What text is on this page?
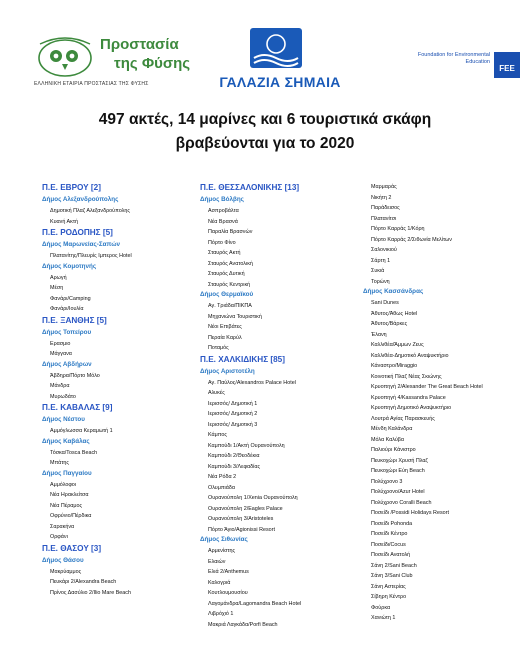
Προστασία
της Φύσης
ΕΛΛΗΝΙΚΗ ΕΤΑΙΡΙΑ ΠΡΟΣΤΑΣΙΑΣ ΤΗΣ ΦΥΣΗΣ	ΓΑΛΑΖΙΑ ΣΗΜΑΙΑ
Foundation for Environmental Education
FEE
497 ακτές, 14 μαρίνες και 6 τουριστικά σκάφη
βραβεύονται για το 2020
Π.Ε. ΕΒΡΟΥ [2]
Δήμος Αλεξανδρούπολης
Δημοτική Πλαζ Αλεξανδρούπολης
Κυανή Ακτή
Π.Ε. ΡΟΔΟΠΗΣ [5]
Δήμος Μαρωνείας-Σαπών
Πλατανίτης/Πλευρίς Ιμπερος Hotel
Δήμος Κομοτηνής
Αρωγή
Μέση
Φανάρι/Camping
Φανάρι/Ιουλία
Π.Ε. ΞΑΝΘΗΣ [5]
Δήμος Τοπείρου
Ερασμιο
Μάγγανα
Δήμος Αβδήρων
Άβδηρα/Πόρτο Μόλο
Μάνδρα
Μυρωδάτο
Π.Ε. ΚΑΒΑΛΑΣ [9]
Δήμος Νέστου
Αμμόγλωσσα Κεραμωτή 1
Δήμος Καβάλας
Τόσκα/Tosca Beach
Μπάτης
Δήμος Παγγαίου
Αμμόλοφοι
Νέα Ηρακλείτσα
Νέα Πέραμος
Οφρύνιο/Πέρδικα
Σαρακήνα
Ορφάνι
Π.Ε. ΘΑΣΟΥ [3]
Δήμος Θάσου
Μακρύαμμος
Πευκάρι 2/Alexandra Beach
Πρίνος Δασύλιο 2/Ilio Mare Beach
Π.Ε. ΘΕΣΣΑΛΟΝΙΚΗΣ [13]
Δήμος Βόλβης
Ασπροβάλτα
Νέα Βρασνά
Παραλία Βρασνών
Πόρτο Φίνο
Σταυρός Ακτή
Σταυρός Ανατολική
Σταυρός Δυτική
Σταυρός Κεντρική
Δήμος Θερμαϊκού
Αγ. Τριάδα/ΠΙΚΠΑ
Μηχανιώνα Τουριστική
Νέοι Επιβάτες
Περαία Καρύλ
Ποταμός
Π.Ε. ΧΑΛΚΙΔΙΚΗΣ [85]
Δήμος Αριστοτέλη
Αγ. Παύλος/Alexandros Palace Hotel
Αλυκές
Ιερισσός/ Δημοτική 1
Ιερισσός/ Δημοτική 2
Ιερισσός/ Δημοτική 3
Κάμπος
Καμπούδι 1/Ακτή Ουρανούπολη
Καμπούδι 2/Θεοδέκια
Καμπούδι 3/Λεφαδίας
Νέα Ρόδα 2
Ολυμπιάδα
Ουρανούπολη 1/Xenia Ουρανούπολη
Ουρανούπολη 2/Eagles Palace
Ουρανούπολη 3/Aristoteles
Πόρτο Άγιο/Agionissi Resort
Δήμος Σιθωνίας
Αρμενίστης
Ελαιών
Ελιά 2/Anthemus
Καλογριά
Κουτλουμουσίου
Λαγομάνδρα/Lagomandra Beach Hotel
Λιβρόχιό 1
Μακριά Λαγκάδα/Porfi Beach
Μαρμαράς
Νικήτη 2
Παράδεισος
Πλατανίτσι
Πόρτο Καρράς 1/Κόρη
Πόρτο Καρράς 2/Σιθωνία Μελίτων
Σαλονικιού
Σάρτη 1
Συκιά
Τορώνη
Δήμος Κασσάνδρας
Sani Dunes
Άθυτος/Άθως Hotel
Άθυτος/Βάρκες
Έλανη
Καλλιθέα/Άμμων Ζευς
Καλλιθέα-Δημοτικό Αναψυκτήριο
Κάναστρο/Miraggio
Κοινοτική Πλαζ Νέας Σκιώνης
Κρυοπηγή 2/Alexander The Great Beach Hotel
Κρυοπηγή 4/Kassandra Palace
Κρυοπηγή Δημοτικό Αναψυκτήριο
Λουτρά Αγίας Παρασκευής
Μένδη Καλάνδρα
Μόλα Καλύβα
Παλιούρι Κάνιστρο
Πευκοχώρι Χρυσή Πλαζ
Πευκοχώρι Εύη Beach
Πολύχρονο 3
Πολύχρονο/Azur Hotel
Πολύχρονο Coralli Beach
Ποσείδι /Possidi Holidays Resort
Ποσείδι Pohonda
Ποσείδι Κέντρο
Ποσείδι/Cocus
Ποσείδι Ανατολή
Σάνη 2/Sani Beach
Σάνη 3/Sani Club
Σάνη Αστερίας
Σίβηρη Κέντρο
Φούρκα
Χανιώτη 1
